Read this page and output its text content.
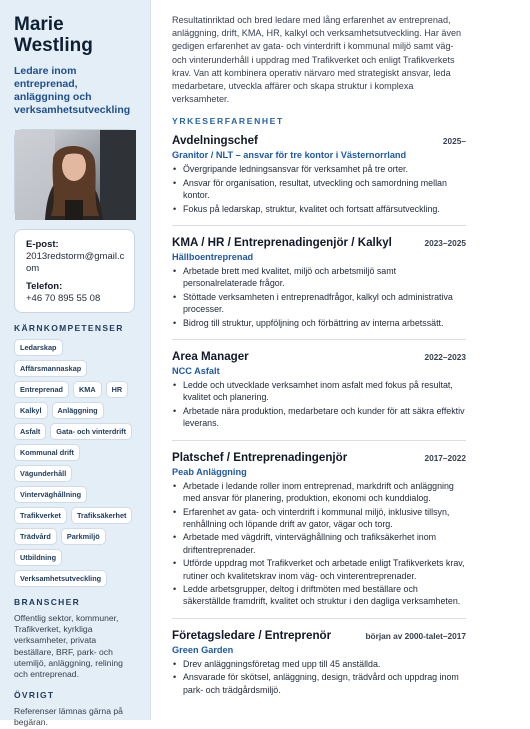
Marie
Westling
Ledare inom entreprenad, anläggning och verksamhetsutveckling
E-post:
2013redstorm@gmail.com
Telefon:
+46 70 895 55 08
KÄRNKOMPETENSER
Ledarskap
Affärsmannaskap
Entreprenad	KMA	HR
Kalkyl	Anläggning
Asfalt	Gata- och vinterdrift
Kommunal drift
Vägunderhåll
Vinterväghållning
Trafikverket	Trafiksäkerhet
Trädvård	Parkmiljö
Utbildning
Verksamhetsutveckling
BRANSCHER
Offentlig sektor, kommuner, Trafikverket, kyrkliga verksamheter, privata beställare, BRF, park- och utemiljö, anläggning, relining och entreprenad.
ÖVRIGT
Referenser lämnas gärna på begäran.

Resultatinriktad och bred ledare med lång erfarenhet av entreprenad, anläggning, drift, KMA, HR, kalkyl och verksamhetsutveckling. Har även gedigen erfarenhet av gata- och vinterdrift i kommunal miljö samt väg- och vinterunderhåll i uppdrag med Trafikverket och enligt Trafikverkets krav. Van att kombinera operativ närvaro med strategiskt ansvar, leda medarbetare, utveckla affärer och skapa struktur i komplexa verksamheter.

YRKESERFARENHET
Avdelningschef	2025–
Granitor / NLT – ansvar för tre kontor i Västernorrland
• Övergripande ledningsansvar för verksamhet på tre orter.
• Ansvar för organisation, resultat, utveckling och samordning mellan kontor.
• Fokus på ledarskap, struktur, kvalitet och fortsatt affärsutveckling.
KMA / HR / Entreprenadingenjör / Kalkyl	2023–2025
Hällboentreprenad
• Arbetade brett med kvalitet, miljö och arbetsmiljö samt personalrelaterade frågor.
• Stöttade verksamheten i entreprenadfrågor, kalkyl och administrativa processer.
• Bidrog till struktur, uppföljning och förbättring av interna arbetssätt.
Area Manager	2022–2023
NCC Asfalt
• Ledde och utvecklade verksamhet inom asfalt med fokus på resultat, kvalitet och planering.
• Arbetade nära produktion, medarbetare och kunder för att säkra effektiv leverans.
Platschef / Entreprenadingenjör	2017–2022
Peab Anläggning
• Arbetade i ledande roller inom entreprenad, markdrift och anläggning med ansvar för planering, produktion, ekonomi och kunddialog.
• Erfarenhet av gata- och vinterdrift i kommunal miljö, inklusive tillsyn, renhållning och löpande drift av gator, vägar och torg.
• Arbetade med vägdrift, vinterväghållning och trafiksäkerhet inom driftentreprenader.
• Utförde uppdrag mot Trafikverket och arbetade enligt Trafikverkets krav, rutiner och kvalitetskrav inom väg- och vinterentreprenader.
• Ledde arbetsgrupper, deltog i driftmöten med beställare och säkerställde framdrift, kvalitet och struktur i den dagliga verksamheten.
Företagsledare / Entreprenör	början av 2000-talet–2017
Green Garden
• Drev anläggningsföretag med upp till 45 anställda.
• Ansvarade för skötsel, anläggning, design, trädvård och uppdrag inom park- och trädgårdsmiljö.
